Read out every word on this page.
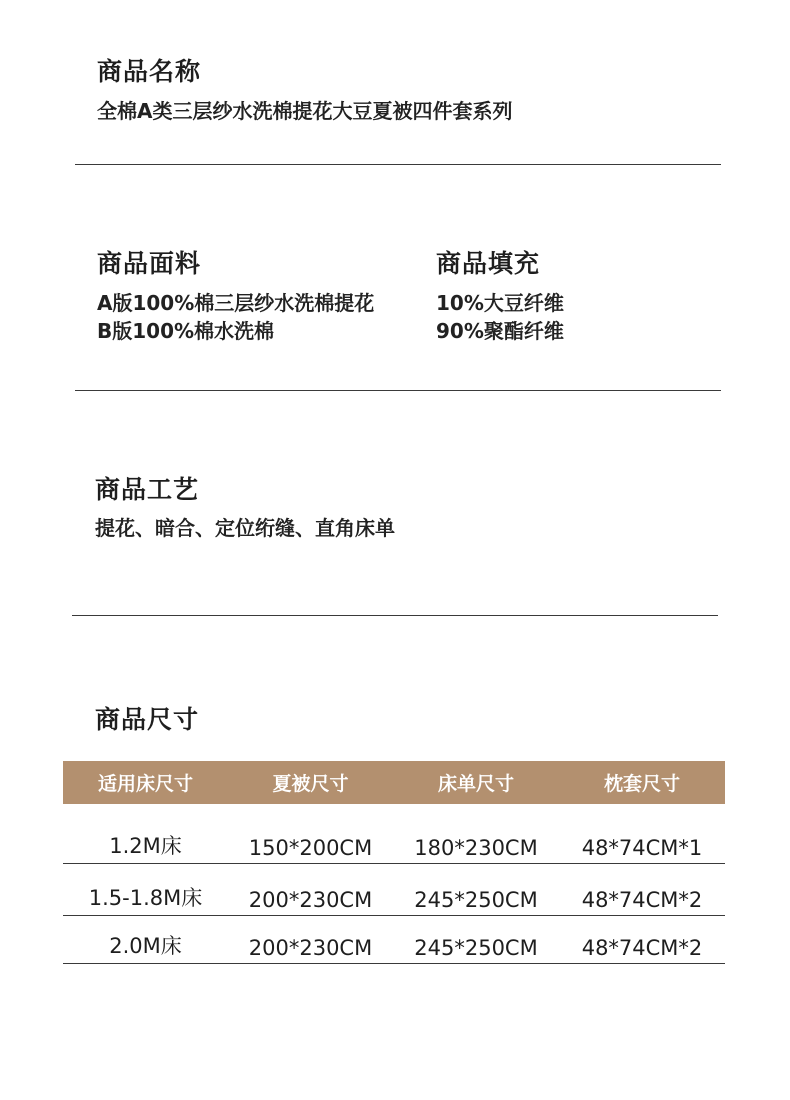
商品名称
全棉A类三层纱水洗棉提花大豆夏被四件套系列
商品面料
A版100%棉三层纱水洗棉提花
B版100%棉水洗棉
商品填充
10%大豆纤维
90%聚酯纤维
商品工艺
提花、暗合、定位绗缝、直角床单
商品尺寸
适用床尺寸	夏被尺寸	床单尺寸	枕套尺寸
1.2M床	150*200CM	180*230CM	48*74CM*1
1.5-1.8M床	200*230CM	245*250CM	48*74CM*2
2.0M床	200*230CM	245*250CM	48*74CM*2
